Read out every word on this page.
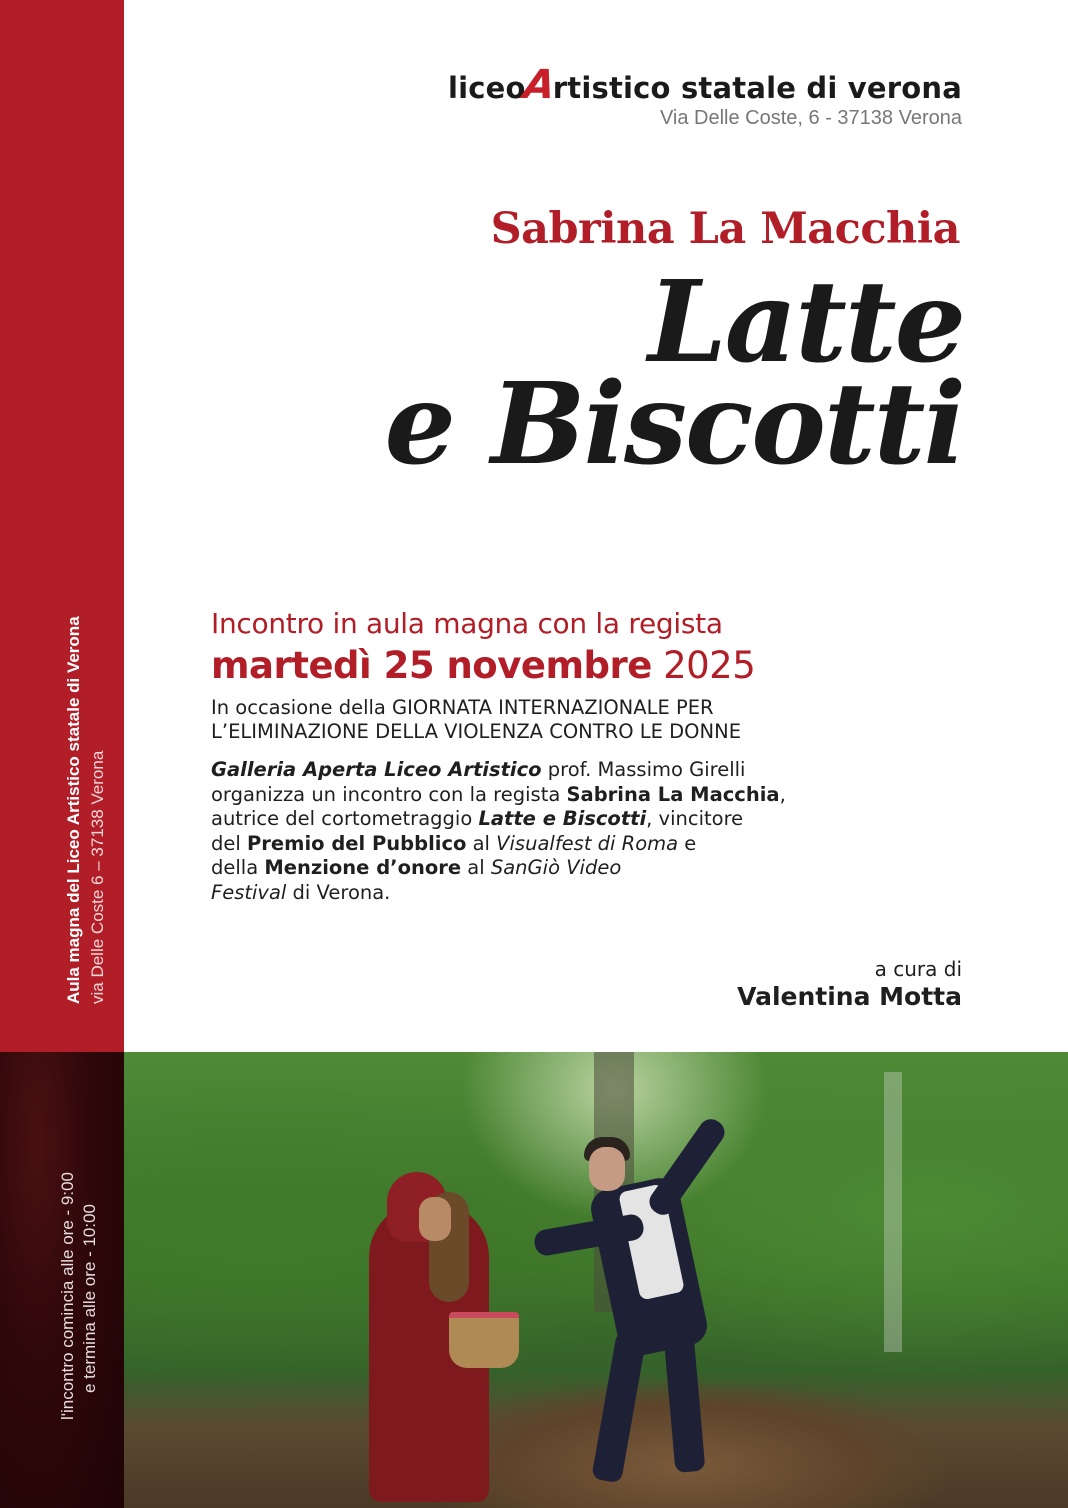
Aula magna del Liceo Artistico statale di Verona via Delle Coste 6 – 37138 Verona
l'incontro comincia alle ore - 9:00 e termina alle ore - 10:00
liceoArtistico statale di verona
Via Delle Coste, 6 - 37138 Verona
Sabrina La Macchia
Latte
e Biscotti
Incontro in aula magna con la regista
martedì 25 novembre 2025
In occasione della GIORNATA INTERNAZIONALE PER
L’ELIMINAZIONE DELLA VIOLENZA CONTRO LE DONNE
Galleria Aperta Liceo Artistico prof. Massimo Girelli
organizza un incontro con la regista Sabrina La Macchia,
autrice del cortometraggio Latte e Biscotti, vincitore
del Premio del Pubblico al Visualfest di Roma e
della Menzione d’onore al SanGiò Video
Festival di Verona.
a cura di
Valentina Motta
